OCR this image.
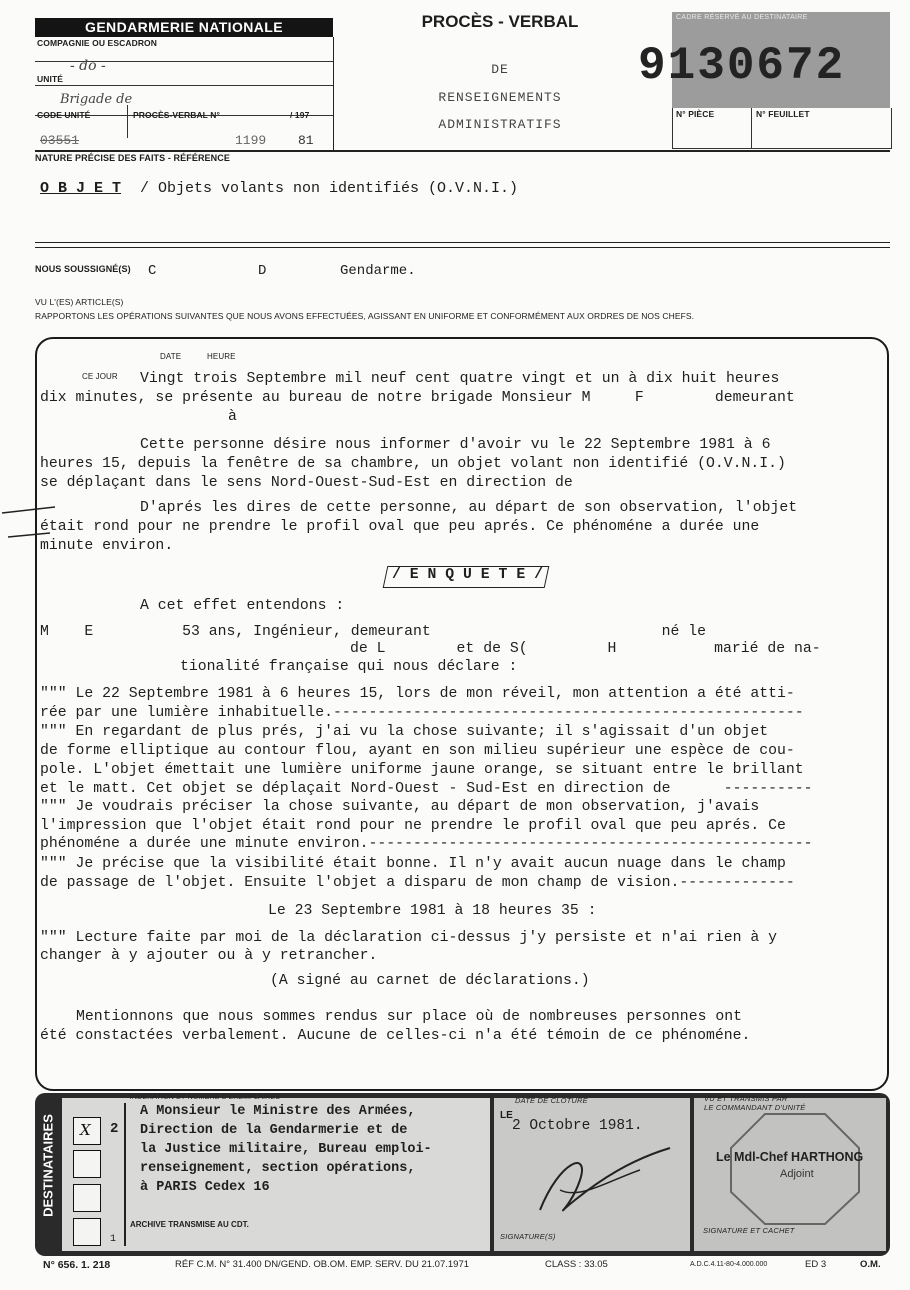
GENDARMERIE NATIONALE
COMPAGNIE OU ESCADRON
UNITÉ
- do -
Brigade de
CODE UNITÉ	PROCÈS-VERBAL N°	/ 197
03551	1199 81
PROCÈS - VERBAL
DE
RENSEIGNEMENTS
ADMINISTRATIFS
CADRE RÉSERVÉ AU DESTINATAIRE
9130672
N° PIÈCE	N° FEUILLET
NATURE PRÉCISE DES FAITS - RÉFÉRENCE
O B J E T / Objets volants non identifiés (O.V.N.I.)
NOUS SOUSSIGNÉ(S) C	D	Gendarme.
VU L'(ES) ARTICLE(S)
RAPPORTONS LES OPÉRATIONS SUIVANTES QUE NOUS AVONS EFFECTUÉES, AGISSANT EN UNIFORME ET CONFORMÉMENT AUX ORDRES DE NOS CHEFS.
DATE	HEURE
CE JOUR Vingt trois Septembre mil neuf cent quatre vingt et un à dix huit heures
dix minutes, se présente au bureau de notre brigade Monsieur M     F        demeurant
à
Cette personne désire nous informer d'avoir vu le 22 Septembre 1981 à 6
heures 15, depuis la fenêtre de sa chambre, un objet volant non identifié (O.V.N.I.)
se déplaçant dans le sens Nord-Ouest-Sud-Est en direction de
D'aprés les dires de cette personne, au départ de son observation, l'objet
était rond pour ne prendre le profil oval que peu aprés. Ce phénoméne a durée une
minute environ.
/ E N Q U E T E /
A cet effet entendons :
M    E          53 ans, Ingénieur, demeurant                          né le
de L        et de S(         H           marié de na-
tionalité française qui nous déclare :
""" Le 22 Septembre 1981 à 6 heures 15, lors de mon réveil, mon attention a été atti-
rée par une lumière inhabituelle.-----------------------------------------------------
""" En regardant de plus prés, j'ai vu la chose suivante; il s'agissait d'un objet
de forme elliptique au contour flou, ayant en son milieu supérieur une espèce de cou-
pole. L'objet émettait une lumière uniforme jaune orange, se situant entre le brillant
et le matt. Cet objet se déplaçait Nord-Ouest - Sud-Est en direction de      ----------
""" Je voudrais préciser la chose suivante, au départ de mon observation, j'avais
l'impression que l'objet était rond pour ne prendre le profil oval que peu aprés. Ce
phénoméne a durée une minute environ.--------------------------------------------------
""" Je précise que la visibilité était bonne. Il n'y avait aucun nuage dans le champ
de passage de l'objet. Ensuite l'objet a disparu de mon champ de vision.-------------
Le 23 Septembre 1981 à 18 heures 35 :
""" Lecture faite par moi de la déclaration ci-dessus j'y persiste et n'ai rien à y
changer à y ajouter ou à y retrancher.
(A signé au carnet de déclarations.)
Mentionnons que nous sommes rendus sur place où de nombreuses personnes ont
été constactées verbalement. Aucune de celles-ci n'a été témoin de ce phénoméne.
DESTINATAIRES
INDEXATION ET NOMBRE D'EXEMPLAIRES
X 2
1
A Monsieur le Ministre des Armées,
Direction de la Gendarmerie et de
la Justice militaire, Bureau emploi-
renseignement, section opérations,
à PARIS Cedex 16
ARCHIVE TRANSMISE AU CDT.
DATE DE CLOTURE
LE
2 Octobre 1981.
SIGNATURE(S)
VU ET TRANSMIS PAR
LE COMMANDANT D'UNITÉ
Le Mdl-Chef HARTHONG
Adjoint
SIGNATURE ET CACHET
N° 656. 1. 218	RÉF C.M. N° 31.400 DN/GEND. OB.OM. EMP. SERV. DU 21.07.1971	CLASS : 33.05	A.D.C.4.11-80-4.000.000	ED 3	O.M.
